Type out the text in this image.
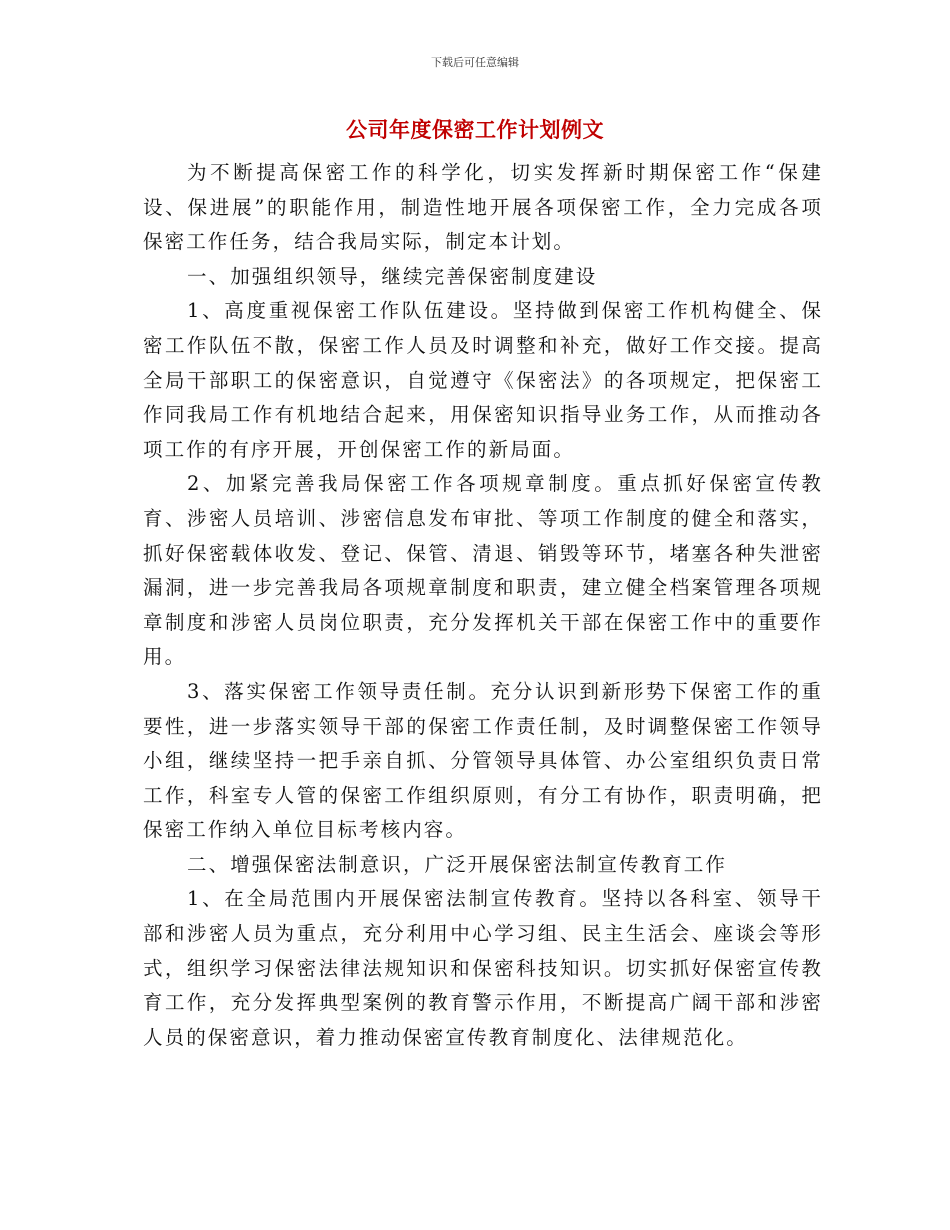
下载后可任意编辑
公司年度保密工作计划例文

为不断提高保密工作的科学化，切实发挥新时期保密工作“保建设、保进展”的职能作用，制造性地开展各项保密工作，全力完成各项保密工作任务，结合我局实际，制定本计划。

一、加强组织领导，继续完善保密制度建设

1、高度重视保密工作队伍建设。坚持做到保密工作机构健全、保密工作队伍不散，保密工作人员及时调整和补充，做好工作交接。提高全局干部职工的保密意识，自觉遵守《保密法》的各项规定，把保密工作同我局工作有机地结合起来，用保密知识指导业务工作，从而推动各项工作的有序开展，开创保密工作的新局面。

2、加紧完善我局保密工作各项规章制度。重点抓好保密宣传教育、涉密人员培训、涉密信息发布审批、等项工作制度的健全和落实，抓好保密载体收发、登记、保管、清退、销毁等环节，堵塞各种失泄密漏洞，进一步完善我局各项规章制度和职责，建立健全档案管理各项规章制度和涉密人员岗位职责，充分发挥机关干部在保密工作中的重要作用。

3、落实保密工作领导责任制。充分认识到新形势下保密工作的重要性，进一步落实领导干部的保密工作责任制，及时调整保密工作领导小组，继续坚持一把手亲自抓、分管领导具体管、办公室组织负责日常工作，科室专人管的保密工作组织原则，有分工有协作，职责明确，把保密工作纳入单位目标考核内容。

二、增强保密法制意识，广泛开展保密法制宣传教育工作

1、在全局范围内开展保密法制宣传教育。坚持以各科室、领导干部和涉密人员为重点，充分利用中心学习组、民主生活会、座谈会等形式，组织学习保密法律法规知识和保密科技知识。切实抓好保密宣传教育工作，充分发挥典型案例的教育警示作用，不断提高广阔干部和涉密人员的保密意识，着力推动保密宣传教育制度化、法律规范化。
